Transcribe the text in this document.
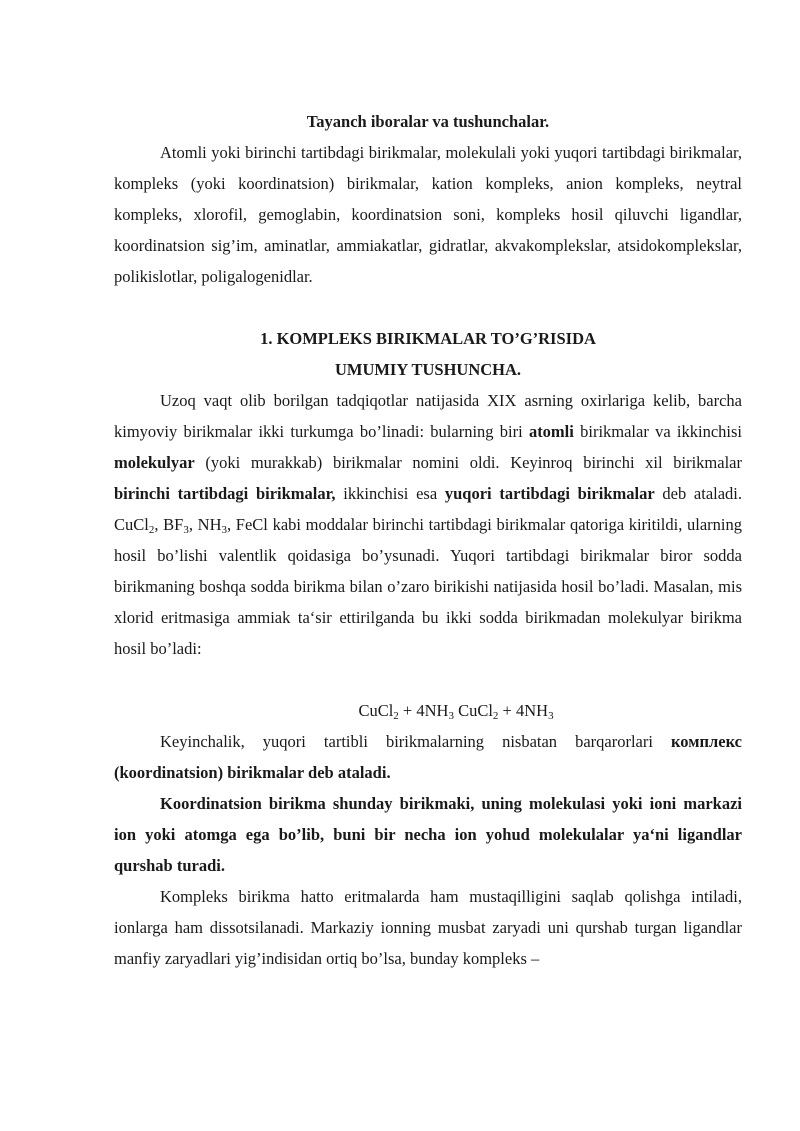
Tayanch iboralar va tushunchalar.

Atomli yoki birinchi tartibdagi birikmalar, molekulali yoki yuqori tartibdagi birikmalar, kompleks (yoki koordinatsion) birikmalar, kation kompleks, anion kompleks, neytral kompleks, xlorofil, gemoglabin, koordinatsion soni, kompleks hosil qiluvchi ligandlar, koordinatsion sig’im, aminatlar, ammiakatlar, gidratlar, akvakomplekslar, atsidokomplekslar, polikislotlar, poligalogenidlar.

1. KOMPLEKS BIRIKMALAR TO’G’RISIDA

UMUMIY TUSHUNCHA.

Uzoq vaqt olib borilgan tadqiqotlar natijasida XIX asrning oxirlariga kelib, barcha kimyoviy birikmalar ikki turkumga bo’linadi: bularning biri atomli birikmalar va ikkinchisi molekulyar (yoki murakkab) birikmalar nomini oldi. Keyinroq birinchi xil birikmalar birinchi tartibdagi birikmalar, ikkinchisi esa yuqori tartibdagi birikmalar deb ataladi. CuCl$_2$, $BF_3$, $NH_3$, FeCl kabi moddalar birinchi tartibdagi birikmalar qatoriga kiritildi, ularning hosil bo’lishi valentlik qoidasiga bo’ysunadi. Yuqori tartibdagi birikmalar biror sodda birikmaning boshqa sodda birikma bilan o’zaro birikishi natijasida hosil bo’ladi. Masalan, mis xlorid eritmasiga ammiak ta‘sir ettirilganda bu ikki sodda birikmadan molekulyar birikma hosil bo’ladi:

CuCl$_2$ + $4NH_3$ CuCl$_2$ + $4NH_3$

Keyinchalik, yuqori tartibli birikmalarning nisbatan barqarorlari комплекс (koordinatsion) birikmalar deb ataladi.

Koordinatsion birikma shunday birikmaki, uning molekulasi yoki ioni markazi ion yoki atomga ega bo’lib, buni bir necha ion yohud molekulalar ya‘ni ligandlar qurshab turadi.

Kompleks birikma hatto eritmalarda ham mustaqilligini saqlab qolishga intiladi, ionlarga ham dissotsilanadi. Markaziy ionning musbat zaryadi uni qurshab turgan ligandlar manfiy zaryadlari yig’indisidan ortiq bo’lsa, bunday kompleks –
